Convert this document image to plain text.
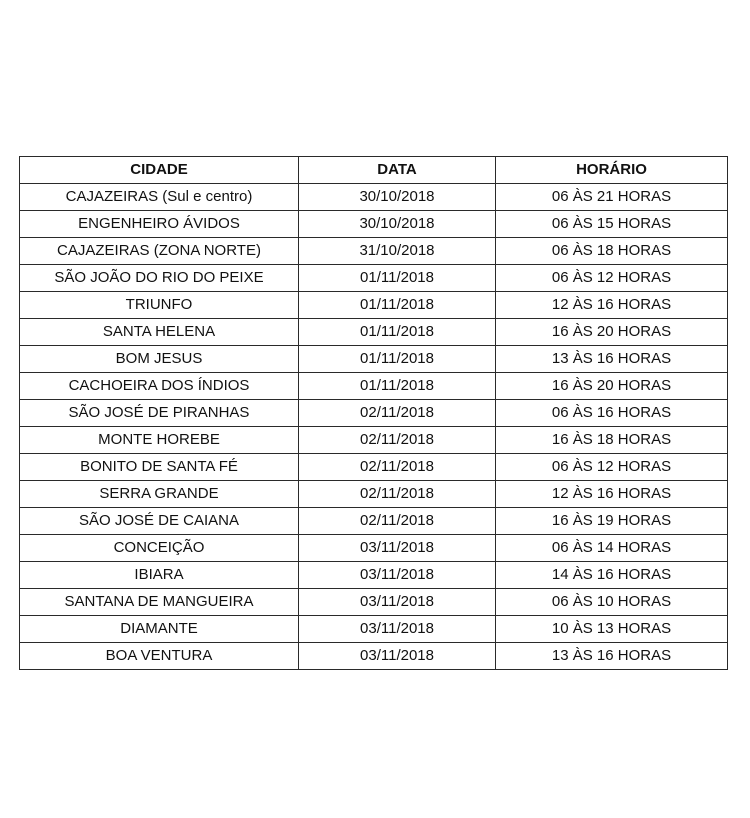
CIDADE	DATA	HORÁRIO
CAJAZEIRAS (Sul e centro)	30/10/2018	06 ÀS 21 HORAS
ENGENHEIRO ÁVIDOS	30/10/2018	06 ÀS 15 HORAS
CAJAZEIRAS (ZONA NORTE)	31/10/2018	06 ÀS 18 HORAS
SÃO JOÃO DO RIO DO PEIXE	01/11/2018	06 ÀS 12 HORAS
TRIUNFO	01/11/2018	12 ÀS 16 HORAS
SANTA HELENA	01/11/2018	16 ÀS 20 HORAS
BOM JESUS	01/11/2018	13 ÀS 16 HORAS
CACHOEIRA DOS ÍNDIOS	01/11/2018	16 ÀS 20 HORAS
SÃO JOSÉ DE PIRANHAS	02/11/2018	06 ÀS 16 HORAS
MONTE HOREBE	02/11/2018	16 ÀS 18 HORAS
BONITO DE SANTA FÉ	02/11/2018	06 ÀS 12 HORAS
SERRA GRANDE	02/11/2018	12 ÀS 16 HORAS
SÃO JOSÉ DE CAIANA	02/11/2018	16 ÀS 19 HORAS
CONCEIÇÃO	03/11/2018	06 ÀS 14 HORAS
IBIARA	03/11/2018	14 ÀS 16 HORAS
SANTANA DE MANGUEIRA	03/11/2018	06 ÀS 10 HORAS
DIAMANTE	03/11/2018	10 ÀS 13 HORAS
BOA VENTURA	03/11/2018	13 ÀS 16 HORAS
